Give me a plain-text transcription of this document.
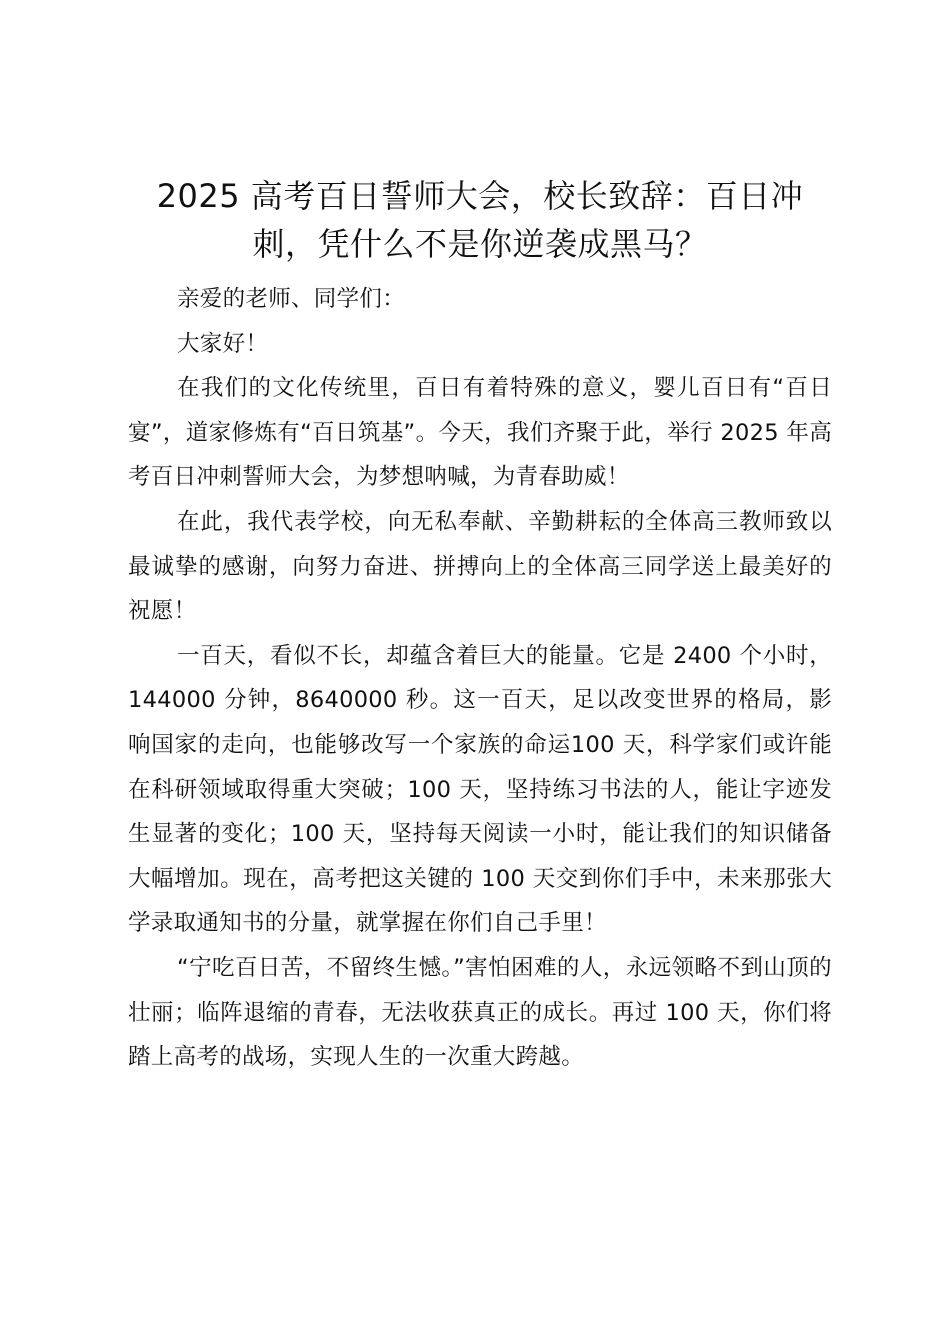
2025 高考百日誓师大会，校长致辞：百日冲刺，凭什么不是你逆袭成黑马？

亲爱的老师、同学们：

大家好！

在我们的文化传统里，百日有着特殊的意义，婴儿百日有“百日宴”，道家修炼有“百日筑基”。今天，我们齐聚于此，举行 2025 年高考百日冲刺誓师大会，为梦想呐喊，为青春助威！

在此，我代表学校，向无私奉献、辛勤耕耘的全体高三教师致以最诚挚的感谢，向努力奋进、拼搏向上的全体高三同学送上最美好的祝愿！

一百天，看似不长，却蕴含着巨大的能量。它是 2400 个小时，144000 分钟，8640000 秒。这一百天，足以改变世界的格局，影响国家的走向，也能够改写一个家族的命运100 天，科学家们或许能在科研领域取得重大突破；100 天，坚持练习书法的人，能让字迹发生显著的变化；100 天，坚持每天阅读一小时，能让我们的知识储备大幅增加。现在，高考把这关键的 100 天交到你们手中，未来那张大学录取通知书的分量，就掌握在你们自己手里！

“宁吃百日苦，不留终生憾。”害怕困难的人，永远领略不到山顶的壮丽；临阵退缩的青春，无法收获真正的成长。再过 100 天，你们将踏上高考的战场，实现人生的一次重大跨越。
